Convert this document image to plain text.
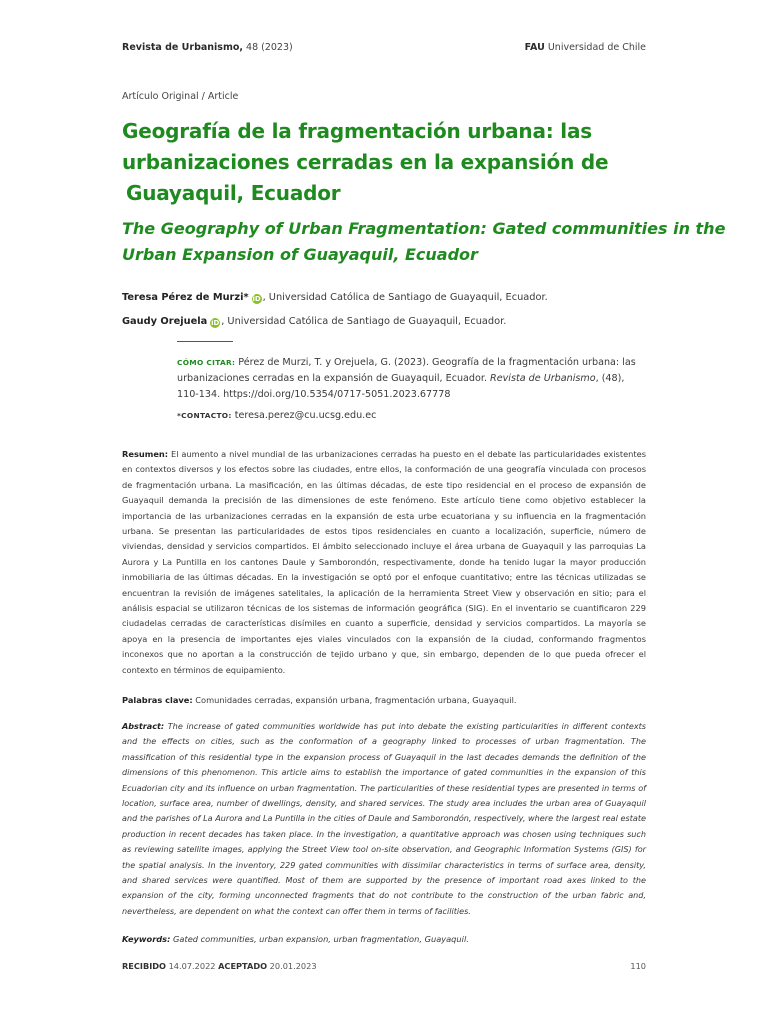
Revista de Urbanismo, 48 (2023)	FAU Universidad de Chile
Artículo Original / Article
Geografía de la fragmentación urbana: las
urbanizaciones cerradas en la expansión de
Guayaquil, Ecuador
The Geography of Urban Fragmentation: Gated communities in the
Urban Expansion of Guayaquil, Ecuador
Teresa Pérez de Murzi* iD , Universidad Católica de Santiago de Guayaquil, Ecuador.
Gaudy Orejuela iD , Universidad Católica de Santiago de Guayaquil, Ecuador.
CÓMO CITAR: Pérez de Murzi, T. y Orejuela, G. (2023). Geografía de la fragmentación urbana: las urbanizaciones cerradas en la expansión de Guayaquil, Ecuador. Revista de Urbanismo, (48), 110-134. https://doi.org/10.5354/0717-5051.2023.67778
*CONTACTO: teresa.perez@cu.ucsg.edu.ec
Resumen: El aumento a nivel mundial de las urbanizaciones cerradas ha puesto en el debate las particularidades existentes en contextos diversos y los efectos sobre las ciudades, entre ellos, la conformación de una geografía vinculada con procesos de fragmentación urbana. La masificación, en las últimas décadas, de este tipo residencial en el proceso de expansión de Guayaquil demanda la precisión de las dimensiones de este fenómeno. Este artículo tiene como objetivo establecer la importancia de las urbanizaciones cerradas en la expansión de esta urbe ecuatoriana y su influencia en la fragmentación urbana. Se presentan las particularidades de estos tipos residenciales en cuanto a localización, superficie, número de viviendas, densidad y servicios compartidos. El ámbito seleccionado incluye el área urbana de Guayaquil y las parroquias La Aurora y La Puntilla en los cantones Daule y Samborondón, respectivamente, donde ha tenido lugar la mayor producción inmobiliaria de las últimas décadas. En la investigación se optó por el enfoque cuantitativo; entre las técnicas utilizadas se encuentran la revisión de imágenes satelitales, la aplicación de la herramienta Street View y observación en sitio; para el análisis espacial se utilizaron técnicas de los sistemas de información geográfica (SIG). En el inventario se cuantificaron 229 ciudadelas cerradas de características disímiles en cuanto a superficie, densidad y servicios compartidos. La mayoría se apoya en la presencia de importantes ejes viales vinculados con la expansión de la ciudad, conformando fragmentos inconexos que no aportan a la construcción de tejido urbano y que, sin embargo, dependen de lo que pueda ofrecer el contexto en términos de equipamiento.
Palabras clave: Comunidades cerradas, expansión urbana, fragmentación urbana, Guayaquil.
Abstract: The increase of gated communities worldwide has put into debate the existing particularities in different contexts and the effects on cities, such as the conformation of a geography linked to processes of urban fragmentation. The massification of this residential type in the expansion process of Guayaquil in the last decades demands the definition of the dimensions of this phenomenon. This article aims to establish the importance of gated communities in the expansion of this Ecuadorian city and its influence on urban fragmentation. The particularities of these residential types are presented in terms of location, surface area, number of dwellings, density, and shared services. The study area includes the urban area of Guayaquil and the parishes of La Aurora and La Puntilla in the cities of Daule and Samborondón, respectively, where the largest real estate production in recent decades has taken place. In the investigation, a quantitative approach was chosen using techniques such as reviewing satellite images, applying the Street View tool on-site observation, and Geographic Information Systems (GIS) for the spatial analysis. In the inventory, 229 gated communities with dissimilar characteristics in terms of surface area, density, and shared services were quantified. Most of them are supported by the presence of important road axes linked to the expansion of the city, forming unconnected fragments that do not contribute to the construction of the urban fabric and, nevertheless, are dependent on what the context can offer them in terms of facilities.
Keywords: Gated communities, urban expansion, urban fragmentation, Guayaquil.
RECIBIDO 14.07.2022 ACEPTADO 20.01.2023	110
